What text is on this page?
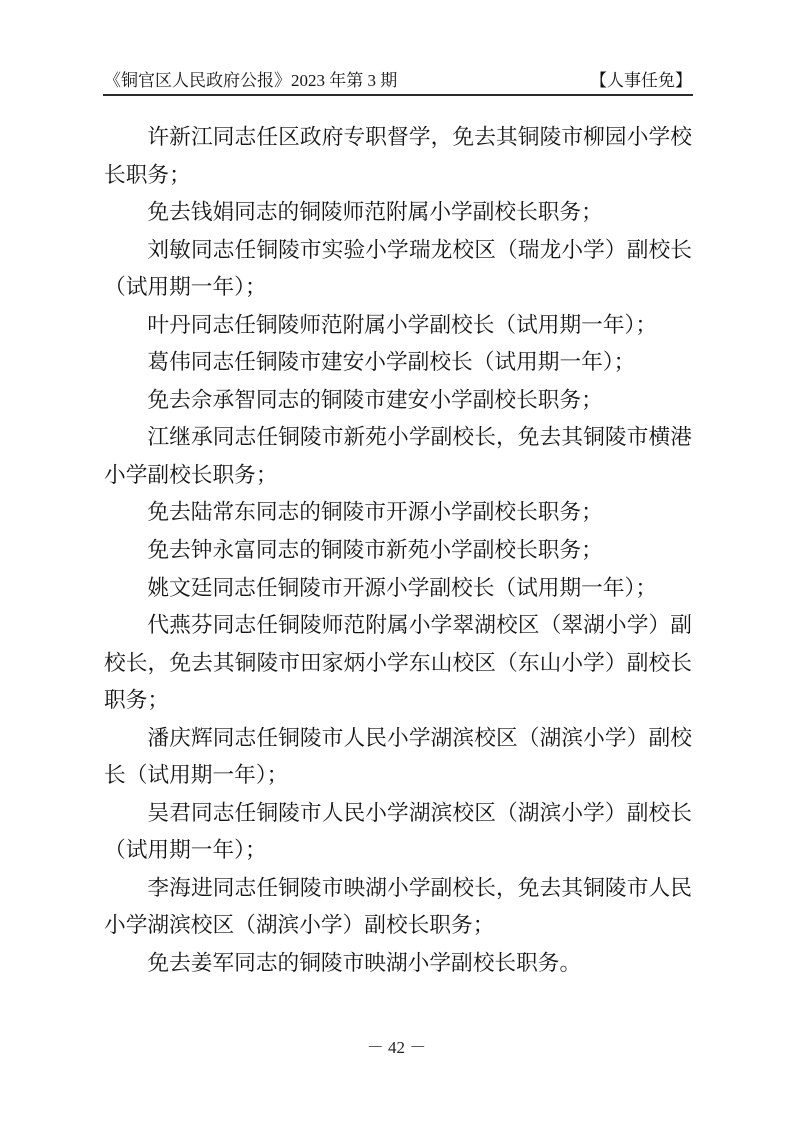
《铜官区人民政府公报》2023 年第 3 期	【人事任免】

许新江同志任区政府专职督学，免去其铜陵市柳园小学校长职务；

免去钱娟同志的铜陵师范附属小学副校长职务；

刘敏同志任铜陵市实验小学瑞龙校区（瑞龙小学）副校长（试用期一年）；

叶丹同志任铜陵师范附属小学副校长（试用期一年）；

葛伟同志任铜陵市建安小学副校长（试用期一年）；

免去佘承智同志的铜陵市建安小学副校长职务；

江继承同志任铜陵市新苑小学副校长，免去其铜陵市横港小学副校长职务；

免去陆常东同志的铜陵市开源小学副校长职务；

免去钟永富同志的铜陵市新苑小学副校长职务；

姚文廷同志任铜陵市开源小学副校长（试用期一年）；

代燕芬同志任铜陵师范附属小学翠湖校区（翠湖小学）副校长，免去其铜陵市田家炳小学东山校区（东山小学）副校长职务；

潘庆辉同志任铜陵市人民小学湖滨校区（湖滨小学）副校长（试用期一年）；

吴君同志任铜陵市人民小学湖滨校区（湖滨小学）副校长（试用期一年）；

李海进同志任铜陵市映湖小学副校长，免去其铜陵市人民小学湖滨校区（湖滨小学）副校长职务；

免去姜军同志的铜陵市映湖小学副校长职务。

－ 42 －
